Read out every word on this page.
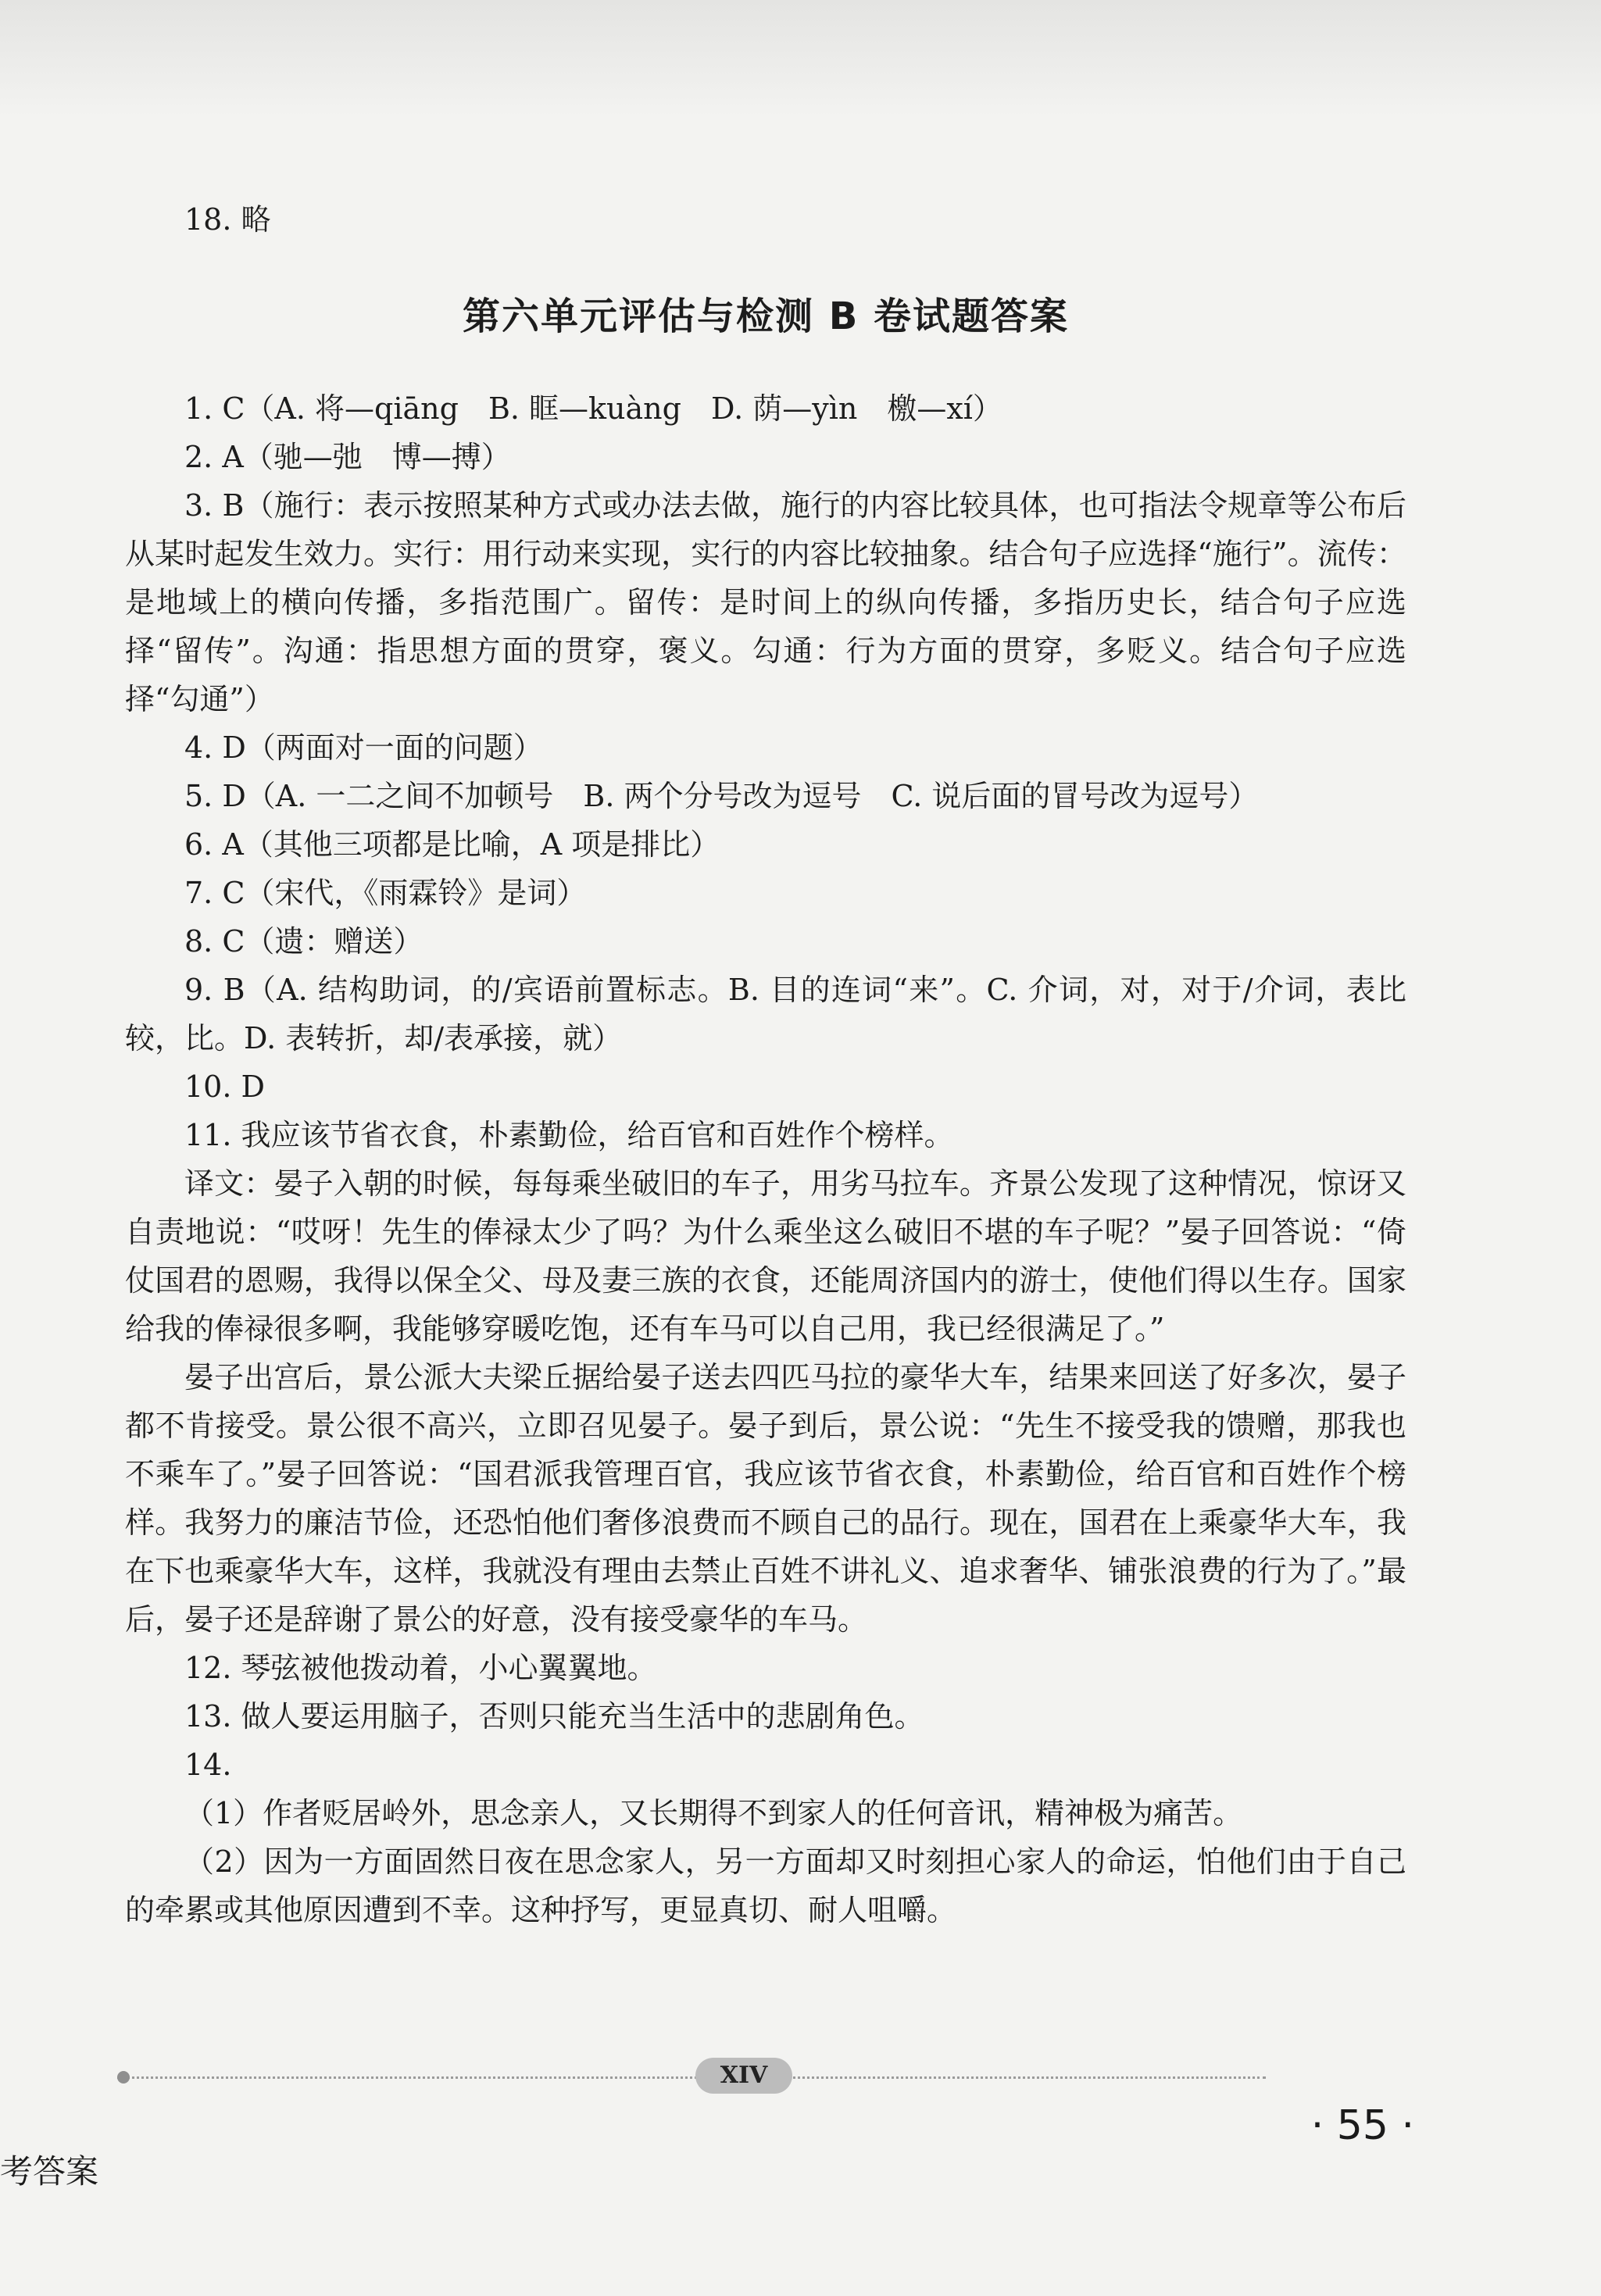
18. 略

第六单元评估与检测 B 卷试题答案

1. C（A. 将—qiāng　B. 眶—kuàng　D. 荫—yìn　檄—xí）

2. A（驰—弛　博—搏）

3. B（施行：表示按照某种方式或办法去做，施行的内容比较具体，也可指法令规章等公布后从某时起发生效力。实行：用行动来实现，实行的内容比较抽象。结合句子应选择“施行”。流传：是地域上的横向传播，多指范围广。留传：是时间上的纵向传播，多指历史长，结合句子应选择“留传”。沟通：指思想方面的贯穿，褒义。勾通：行为方面的贯穿，多贬义。结合句子应选择“勾通”）

4. D（两面对一面的问题）

5. D（A. 一二之间不加顿号　B. 两个分号改为逗号　C. 说后面的冒号改为逗号）

6. A（其他三项都是比喻，A 项是排比）

7. C（宋代，《雨霖铃》是词）

8. C（遗：赠送）

9. B（A. 结构助词，的/宾语前置标志。B. 目的连词“来”。C. 介词，对，对于/介词，表比较，比。D. 表转折，却/表承接，就）

10. D

11. 我应该节省衣食，朴素勤俭，给百官和百姓作个榜样。

译文：晏子入朝的时候，每每乘坐破旧的车子，用劣马拉车。齐景公发现了这种情况，惊讶又自责地说：“哎呀！先生的俸禄太少了吗？为什么乘坐这么破旧不堪的车子呢？”晏子回答说：“倚仗国君的恩赐，我得以保全父、母及妻三族的衣食，还能周济国内的游士，使他们得以生存。国家给我的俸禄很多啊，我能够穿暖吃饱，还有车马可以自己用，我已经很满足了。”

晏子出宫后，景公派大夫梁丘据给晏子送去四匹马拉的豪华大车，结果来回送了好多次，晏子都不肯接受。景公很不高兴，立即召见晏子。晏子到后，景公说：“先生不接受我的馈赠，那我也不乘车了。”晏子回答说：“国君派我管理百官，我应该节省衣食，朴素勤俭，给百官和百姓作个榜样。我努力的廉洁节俭，还恐怕他们奢侈浪费而不顾自己的品行。现在，国君在上乘豪华大车，我在下也乘豪华大车，这样，我就没有理由去禁止百姓不讲礼义、追求奢华、铺张浪费的行为了。”最后，晏子还是辞谢了景公的好意，没有接受豪华的车马。

12. 琴弦被他拨动着，小心翼翼地。

13. 做人要运用脑子，否则只能充当生活中的悲剧角色。

14.

（1）作者贬居岭外，思念亲人，又长期得不到家人的任何音讯，精神极为痛苦。

（2）因为一方面固然日夜在思念家人，另一方面却又时刻担心家人的命运，怕他们由于自己的牵累或其他原因遭到不幸。这种抒写，更显真切、耐人咀嚼。

XIV
· 55 ·
考答案
